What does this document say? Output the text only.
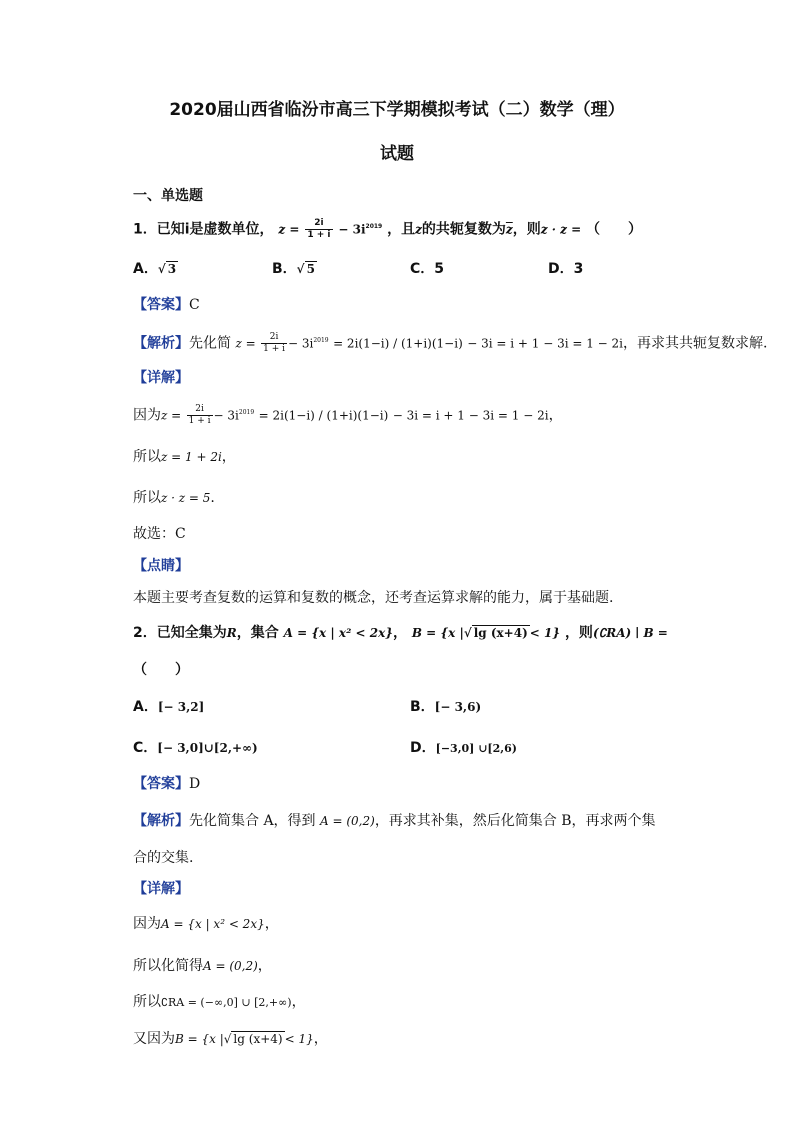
2020届山西省临汾市高三下学期模拟考试（二）数学（理）
试题
一、单选题
1．已知i是虚数单位， $z = \frac{2i}{1 + i} - 3i^{2019}$ ，且z的共轭复数为$\overline{z}$，则z · z = （　　）
A．√ 3	B．√ 5	C．5	D．3
【答案】C
【解析】先化简 $z = \frac{2i}{1 + i} - 3i^{2019} = 2i(1-i) / (1+i)(1-i) - 3i = i + 1 - 3i = 1 - 2i$，再求其共轭复数求解.
【详解】
因为$z = \frac{2i}{1 + i} - 3i^{2019} = 2i(1-i) / (1+i)(1-i) - 3i = i + 1 - 3i = 1 - 2i$，
所以z = 1 + 2i，
所以z · z = 5.
故选：C
【点睛】
本题主要考查复数的运算和复数的概念，还考查运算求解的能力，属于基础题.
2．已知全集为R，集合 A = {x | x² < 2x}， B = {x |√ lg (x+4) < 1} ，则(∁RA) ∣ B =
（　　）
A．[− 3,2]	B．[− 3,6)
C．[− 3,0]∪[2,+∞)	D．[−3,0] ∪[2,6)
【答案】D
【解析】先化简集合 A，得到 A = (0,2)，再求其补集，然后化简集合 B，再求两个集
合的交集.
【详解】
因为A = {x | x² < 2x}，
所以化简得A = (0,2)，
所以∁RA = (−∞,0] ∪ [2,+∞)，
又因为B = {x |√ lg (x+4) < 1}，
